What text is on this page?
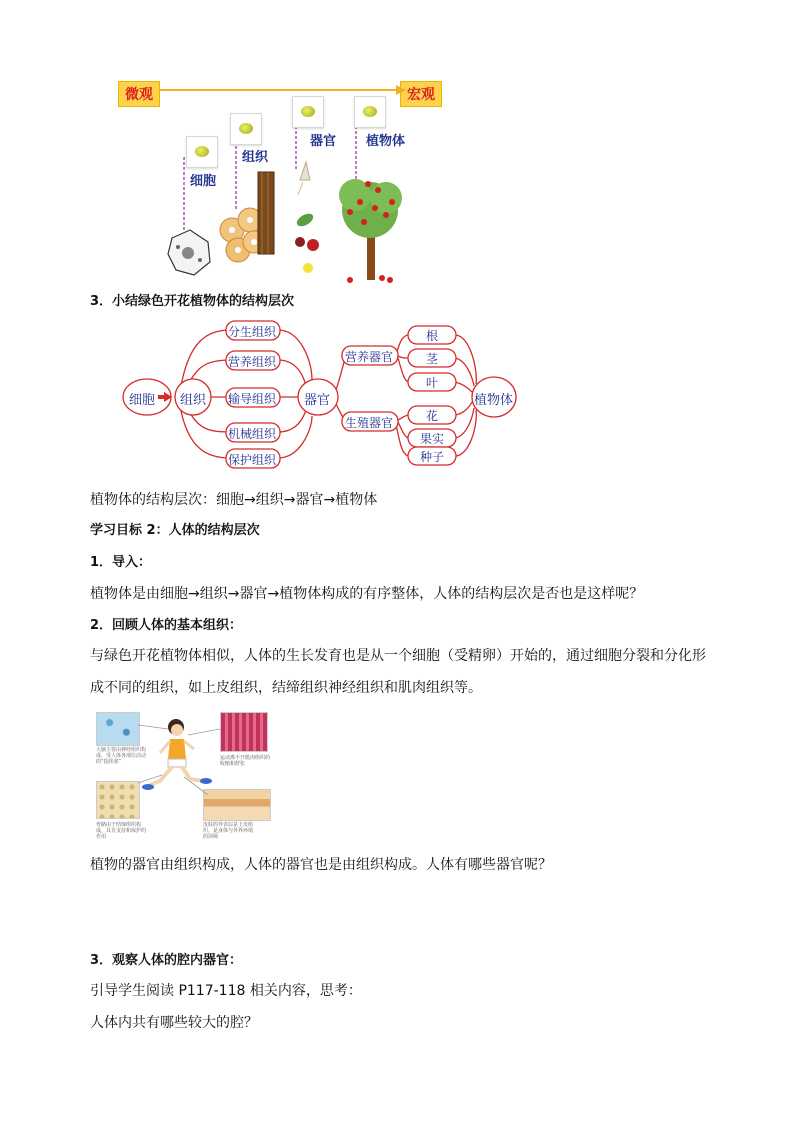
微观	宏观
细胞
组织
器官 植物体
3．小结绿色开花植物体的结构层次
细胞 组织
分生组织
营养组织
输导组织
机械组织
保护组织
器官
营养器官
生殖器官
根
茎
叶
花
果实
种子
植物体
植物体的结构层次：细胞→组织→器官→植物体
学习目标 2：人体的结构层次
1．导入：
植物体是由细胞→组织→器官→植物体构成的有序整体，人体的结构层次是否也是这样呢？
2．回顾人体的基本组织：
与绿色开花植物体相似，人体的生长发育也是从一个细胞（受精卵）开始的，通过细胞分裂和分化形
成不同的组织，如上皮组织，结缔组织神经组织和肌肉组织等。
大脑主要由神经组织构成，受人体各部位活动的“指挥部”
运动离不开肌肉组织的收缩和舒张
骨骼由于结缔组织构成，具有支持和保护的作用
皮肤的外表层是上皮组织，是身体与外界环境的屏障
植物的器官由组织构成，人体的器官也是由组织构成。人体有哪些器官呢？
3．观察人体的腔内器官：
引导学生阅读 P117-118 相关内容，思考：
人体内共有哪些较大的腔？
